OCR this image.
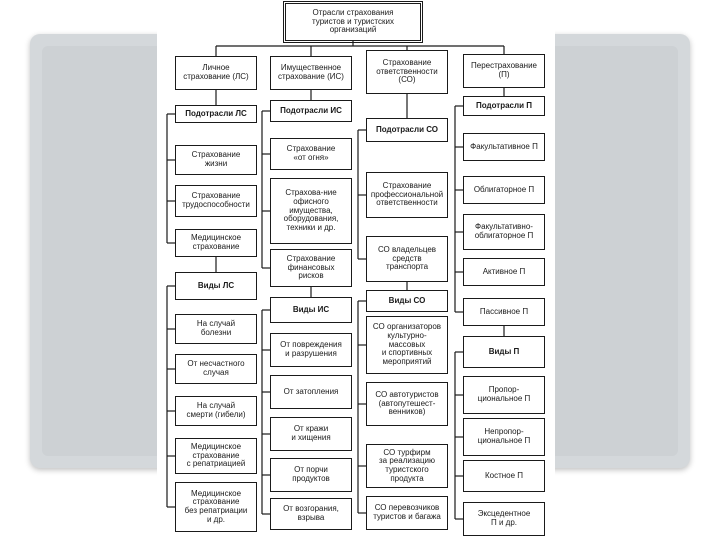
Отрасли страхования
туристов и туристских
организаций
Личное
страхование (ЛС)
Подотрасли ЛС
Страхование
жизни
Страхование
трудоспособности
Медицинское
страхование
Виды ЛС
На случай
болезни
От несчастного
случая
На случай
смерти (гибели)
Медицинское
страхование
с репатриацией
Медицинское
страхование
без репатриации
и др.
Имущественное
страхование (ИС)
Подотрасли ИС
Страхование
«от огня»
Страхова-ние
офисного
имущества,
оборудования,
техники и др.
Страхование
финансовых
рисков
Виды ИС
От повреждения
и разрушения
От затопления
От кражи
и хищения
От порчи
продуктов
От возгорания,
взрыва
Страхование
ответственности
(СО)
Подотрасли СО
Страхование
профессиональной
ответственности
СО владельцев
средств
транспорта
Виды СО
СО организаторов
культурно-
массовых
и спортивных
мероприятий
СО автотуристов
(автопутешест-
венников)
СО турфирм
за реализацию
туристского
продукта
СО перевозчиков
туристов и багажа
Перестрахование
(П)
Подотрасли П
Факультативное П
Облигаторное П
Факультативно-
облигаторное П
Активное П
Пассивное П
Виды П
Пропор-
циональное П
Непропор-
циональное П
Костное П
Эксцедентное
П и др.
